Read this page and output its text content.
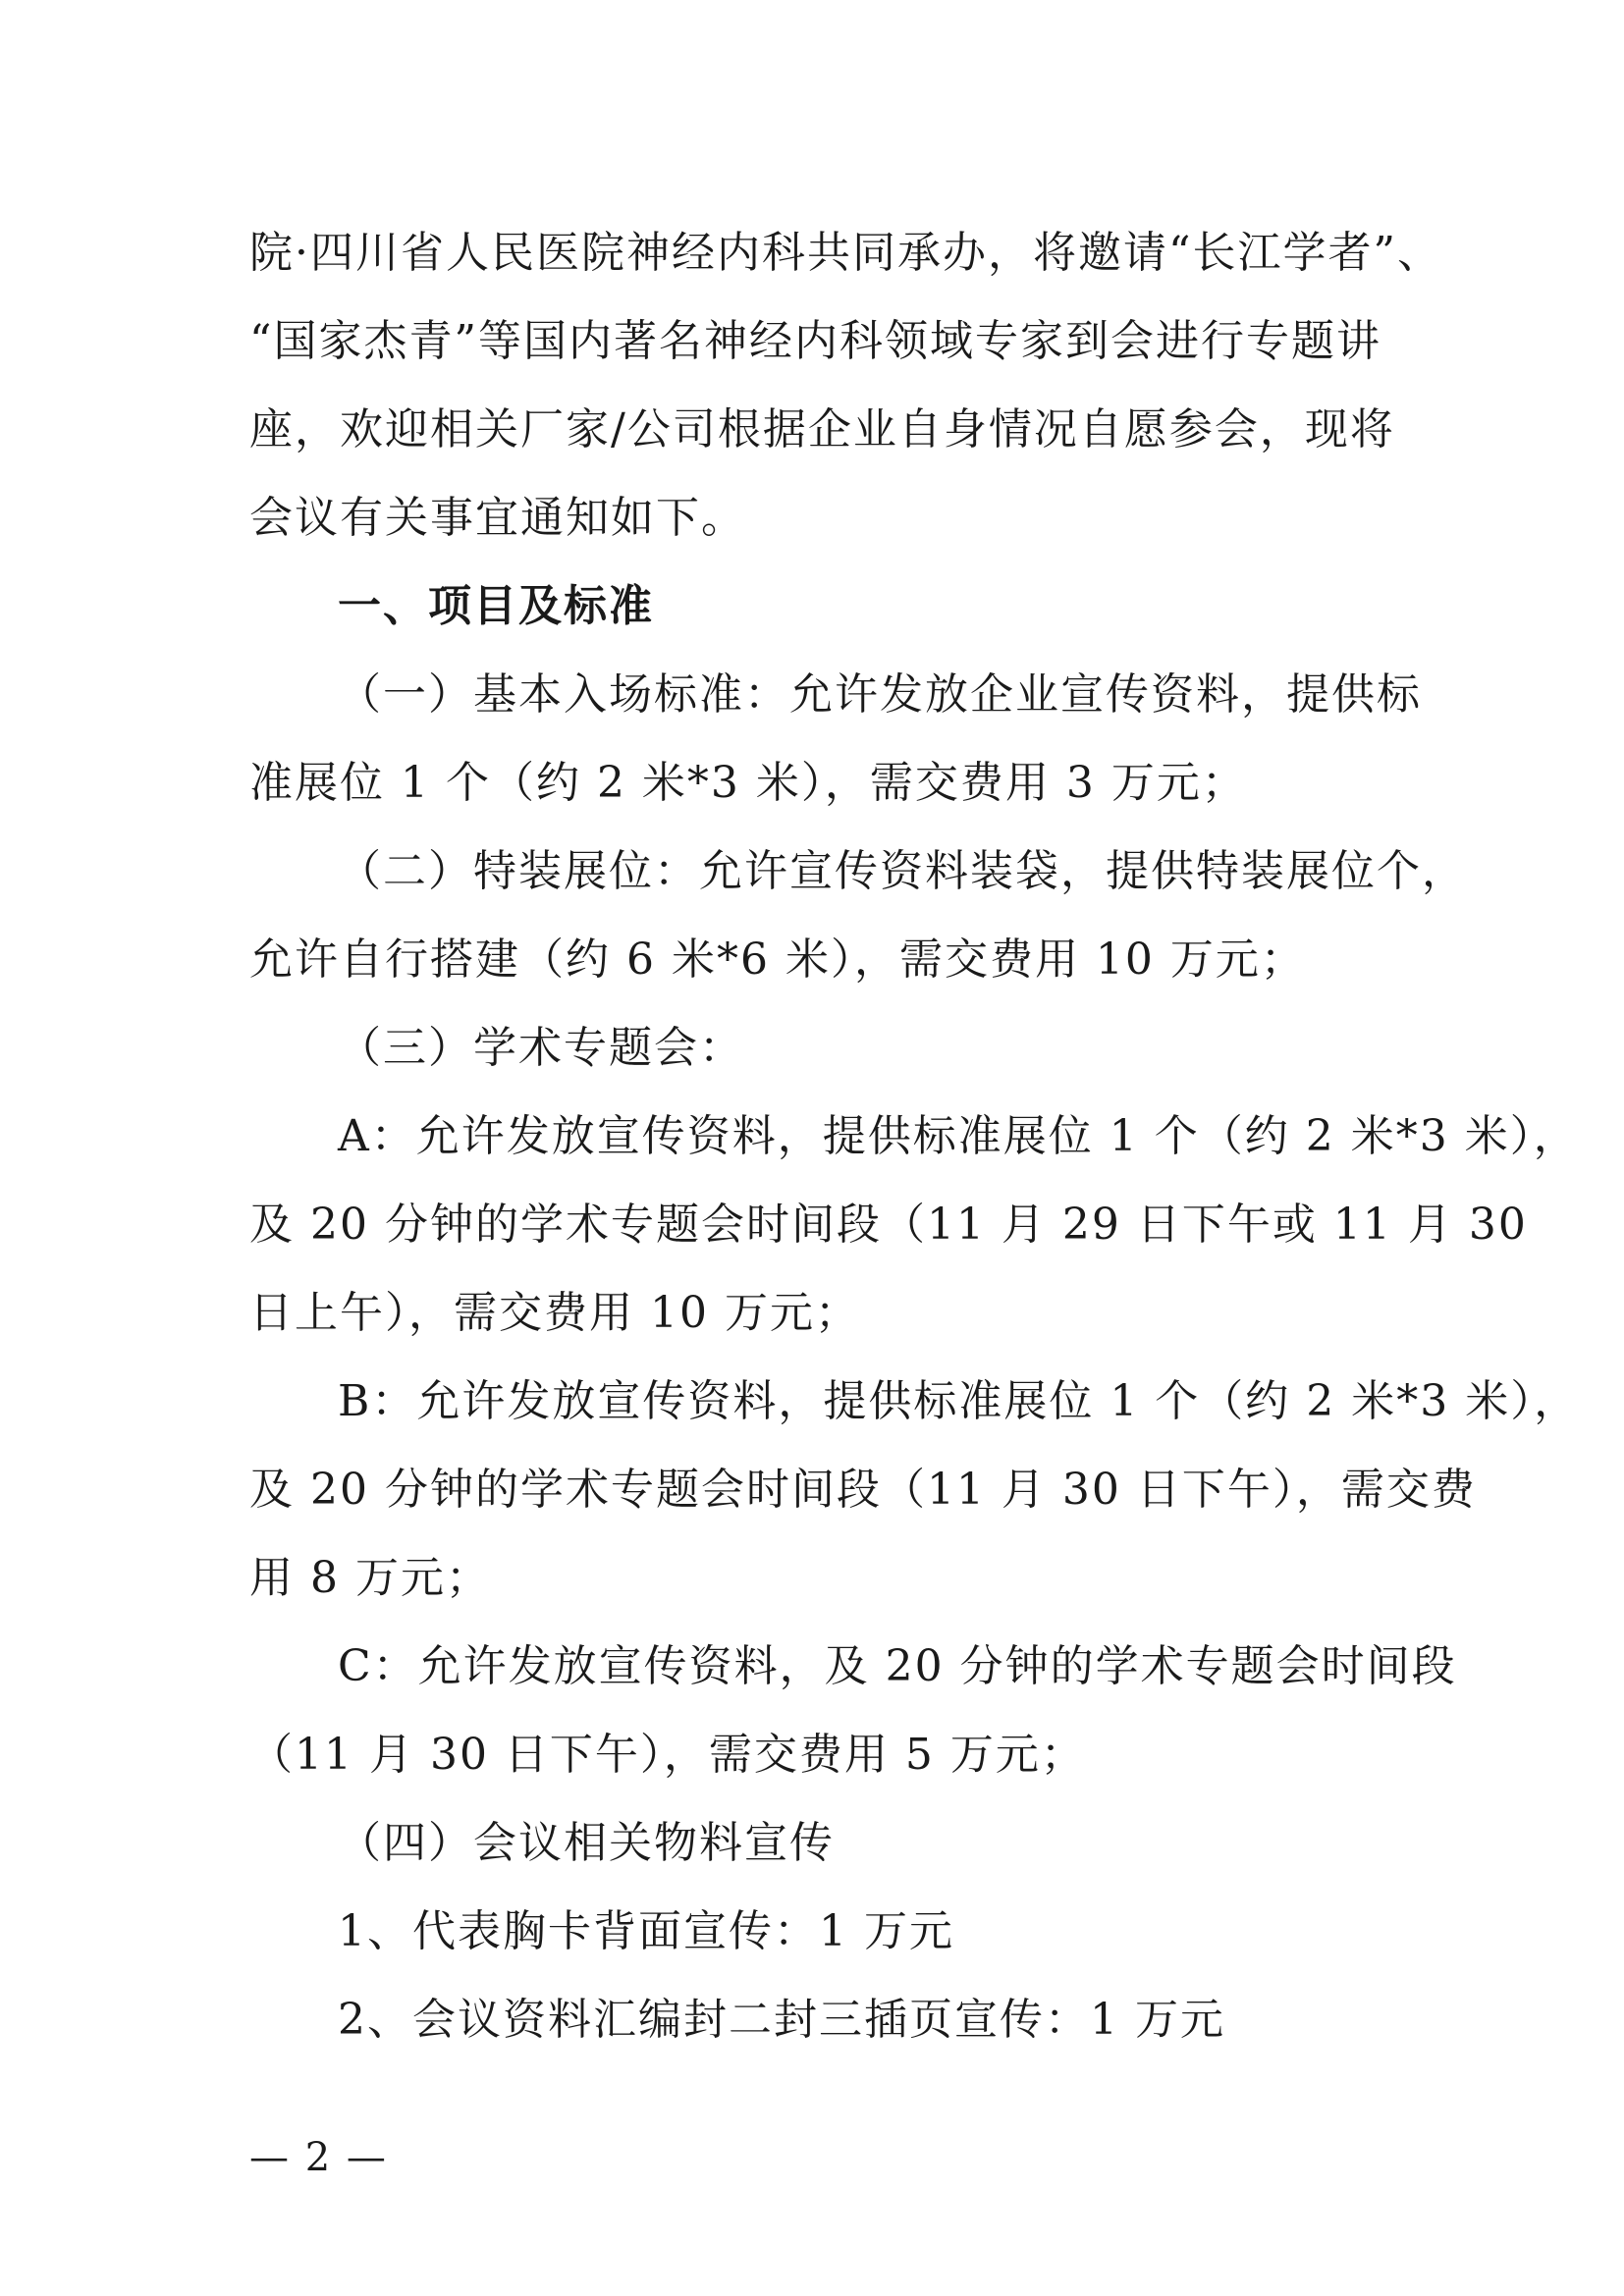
院·四川省人民医院神经内科共同承办，将邀请“长江学者”、
“国家杰青”等国内著名神经内科领域专家到会进行专题讲
座，欢迎相关厂家/公司根据企业自身情况自愿参会，现将
会议有关事宜通知如下。
一、项目及标准
（一）基本入场标准：允许发放企业宣传资料，提供标
准展位 1 个（约 2 米*3 米），需交费用 3 万元；
（二）特装展位：允许宣传资料装袋，提供特装展位个，
允许自行搭建（约 6 米*6 米），需交费用 10 万元；
（三）学术专题会：
A：允许发放宣传资料，提供标准展位 1 个（约 2 米*3 米），
及 20 分钟的学术专题会时间段（11 月 29 日下午或 11 月 30
日上午），需交费用 10 万元；
B：允许发放宣传资料，提供标准展位 1 个（约 2 米*3 米），
及 20 分钟的学术专题会时间段（11 月 30 日下午），需交费
用 8 万元；
C：允许发放宣传资料，及 20 分钟的学术专题会时间段
（11 月 30 日下午），需交费用 5 万元；
（四）会议相关物料宣传
1、代表胸卡背面宣传：1 万元
2、会议资料汇编封二封三插页宣传：1 万元
— 2 —
